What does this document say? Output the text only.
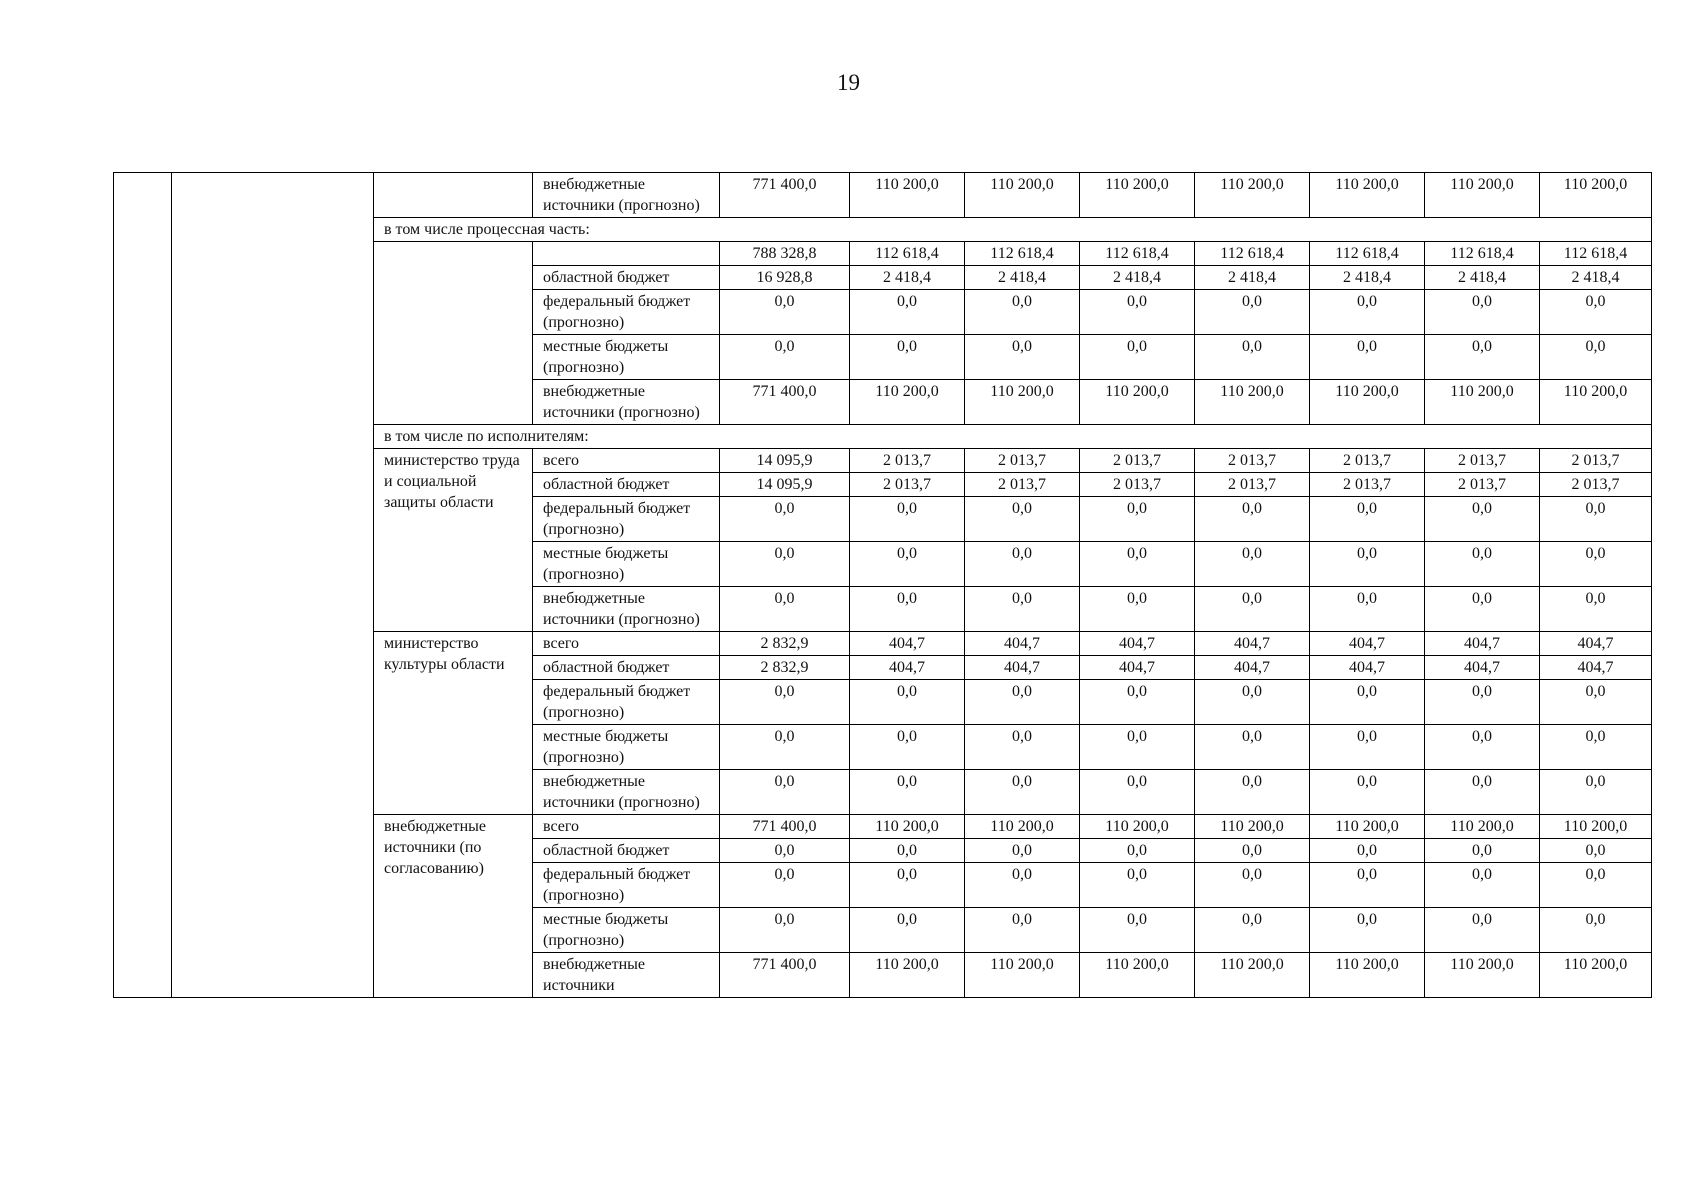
19
			внебюджетные источники (прогнозно)	771 400,0	110 200,0	110 200,0	110 200,0	110 200,0	110 200,0	110 200,0	110 200,0
		в том числе процессная часть:									
				788 328,8	112 618,4	112 618,4	112 618,4	112 618,4	112 618,4	112 618,4	112 618,4
			областной бюджет	16 928,8	2 418,4	2 418,4	2 418,4	2 418,4	2 418,4	2 418,4	2 418,4
			федеральный бюджет (прогнозно)	0,0	0,0	0,0	0,0	0,0	0,0	0,0	0,0
			местные бюджеты (прогнозно)	0,0	0,0	0,0	0,0	0,0	0,0	0,0	0,0
			внебюджетные источники (прогнозно)	771 400,0	110 200,0	110 200,0	110 200,0	110 200,0	110 200,0	110 200,0	110 200,0
		в том числе по исполнителям:									
		министерство труда и социальной защиты области	всего	14 095,9	2 013,7	2 013,7	2 013,7	2 013,7	2 013,7	2 013,7	2 013,7
			областной бюджет	14 095,9	2 013,7	2 013,7	2 013,7	2 013,7	2 013,7	2 013,7	2 013,7
			федеральный бюджет (прогнозно)	0,0	0,0	0,0	0,0	0,0	0,0	0,0	0,0
			местные бюджеты (прогнозно)	0,0	0,0	0,0	0,0	0,0	0,0	0,0	0,0
			внебюджетные источники (прогнозно)	0,0	0,0	0,0	0,0	0,0	0,0	0,0	0,0
		министерство культуры области	всего	2 832,9	404,7	404,7	404,7	404,7	404,7	404,7	404,7
			областной бюджет	2 832,9	404,7	404,7	404,7	404,7	404,7	404,7	404,7
			федеральный бюджет (прогнозно)	0,0	0,0	0,0	0,0	0,0	0,0	0,0	0,0
			местные бюджеты (прогнозно)	0,0	0,0	0,0	0,0	0,0	0,0	0,0	0,0
			внебюджетные источники (прогнозно)	0,0	0,0	0,0	0,0	0,0	0,0	0,0	0,0
		внебюджетные источники (по согласованию)	всего	771 400,0	110 200,0	110 200,0	110 200,0	110 200,0	110 200,0	110 200,0	110 200,0
			областной бюджет	0,0	0,0	0,0	0,0	0,0	0,0	0,0	0,0
			федеральный бюджет (прогнозно)	0,0	0,0	0,0	0,0	0,0	0,0	0,0	0,0
			местные бюджеты (прогнозно)	0,0	0,0	0,0	0,0	0,0	0,0	0,0	0,0
			внебюджетные источники	771 400,0	110 200,0	110 200,0	110 200,0	110 200,0	110 200,0	110 200,0	110 200,0
